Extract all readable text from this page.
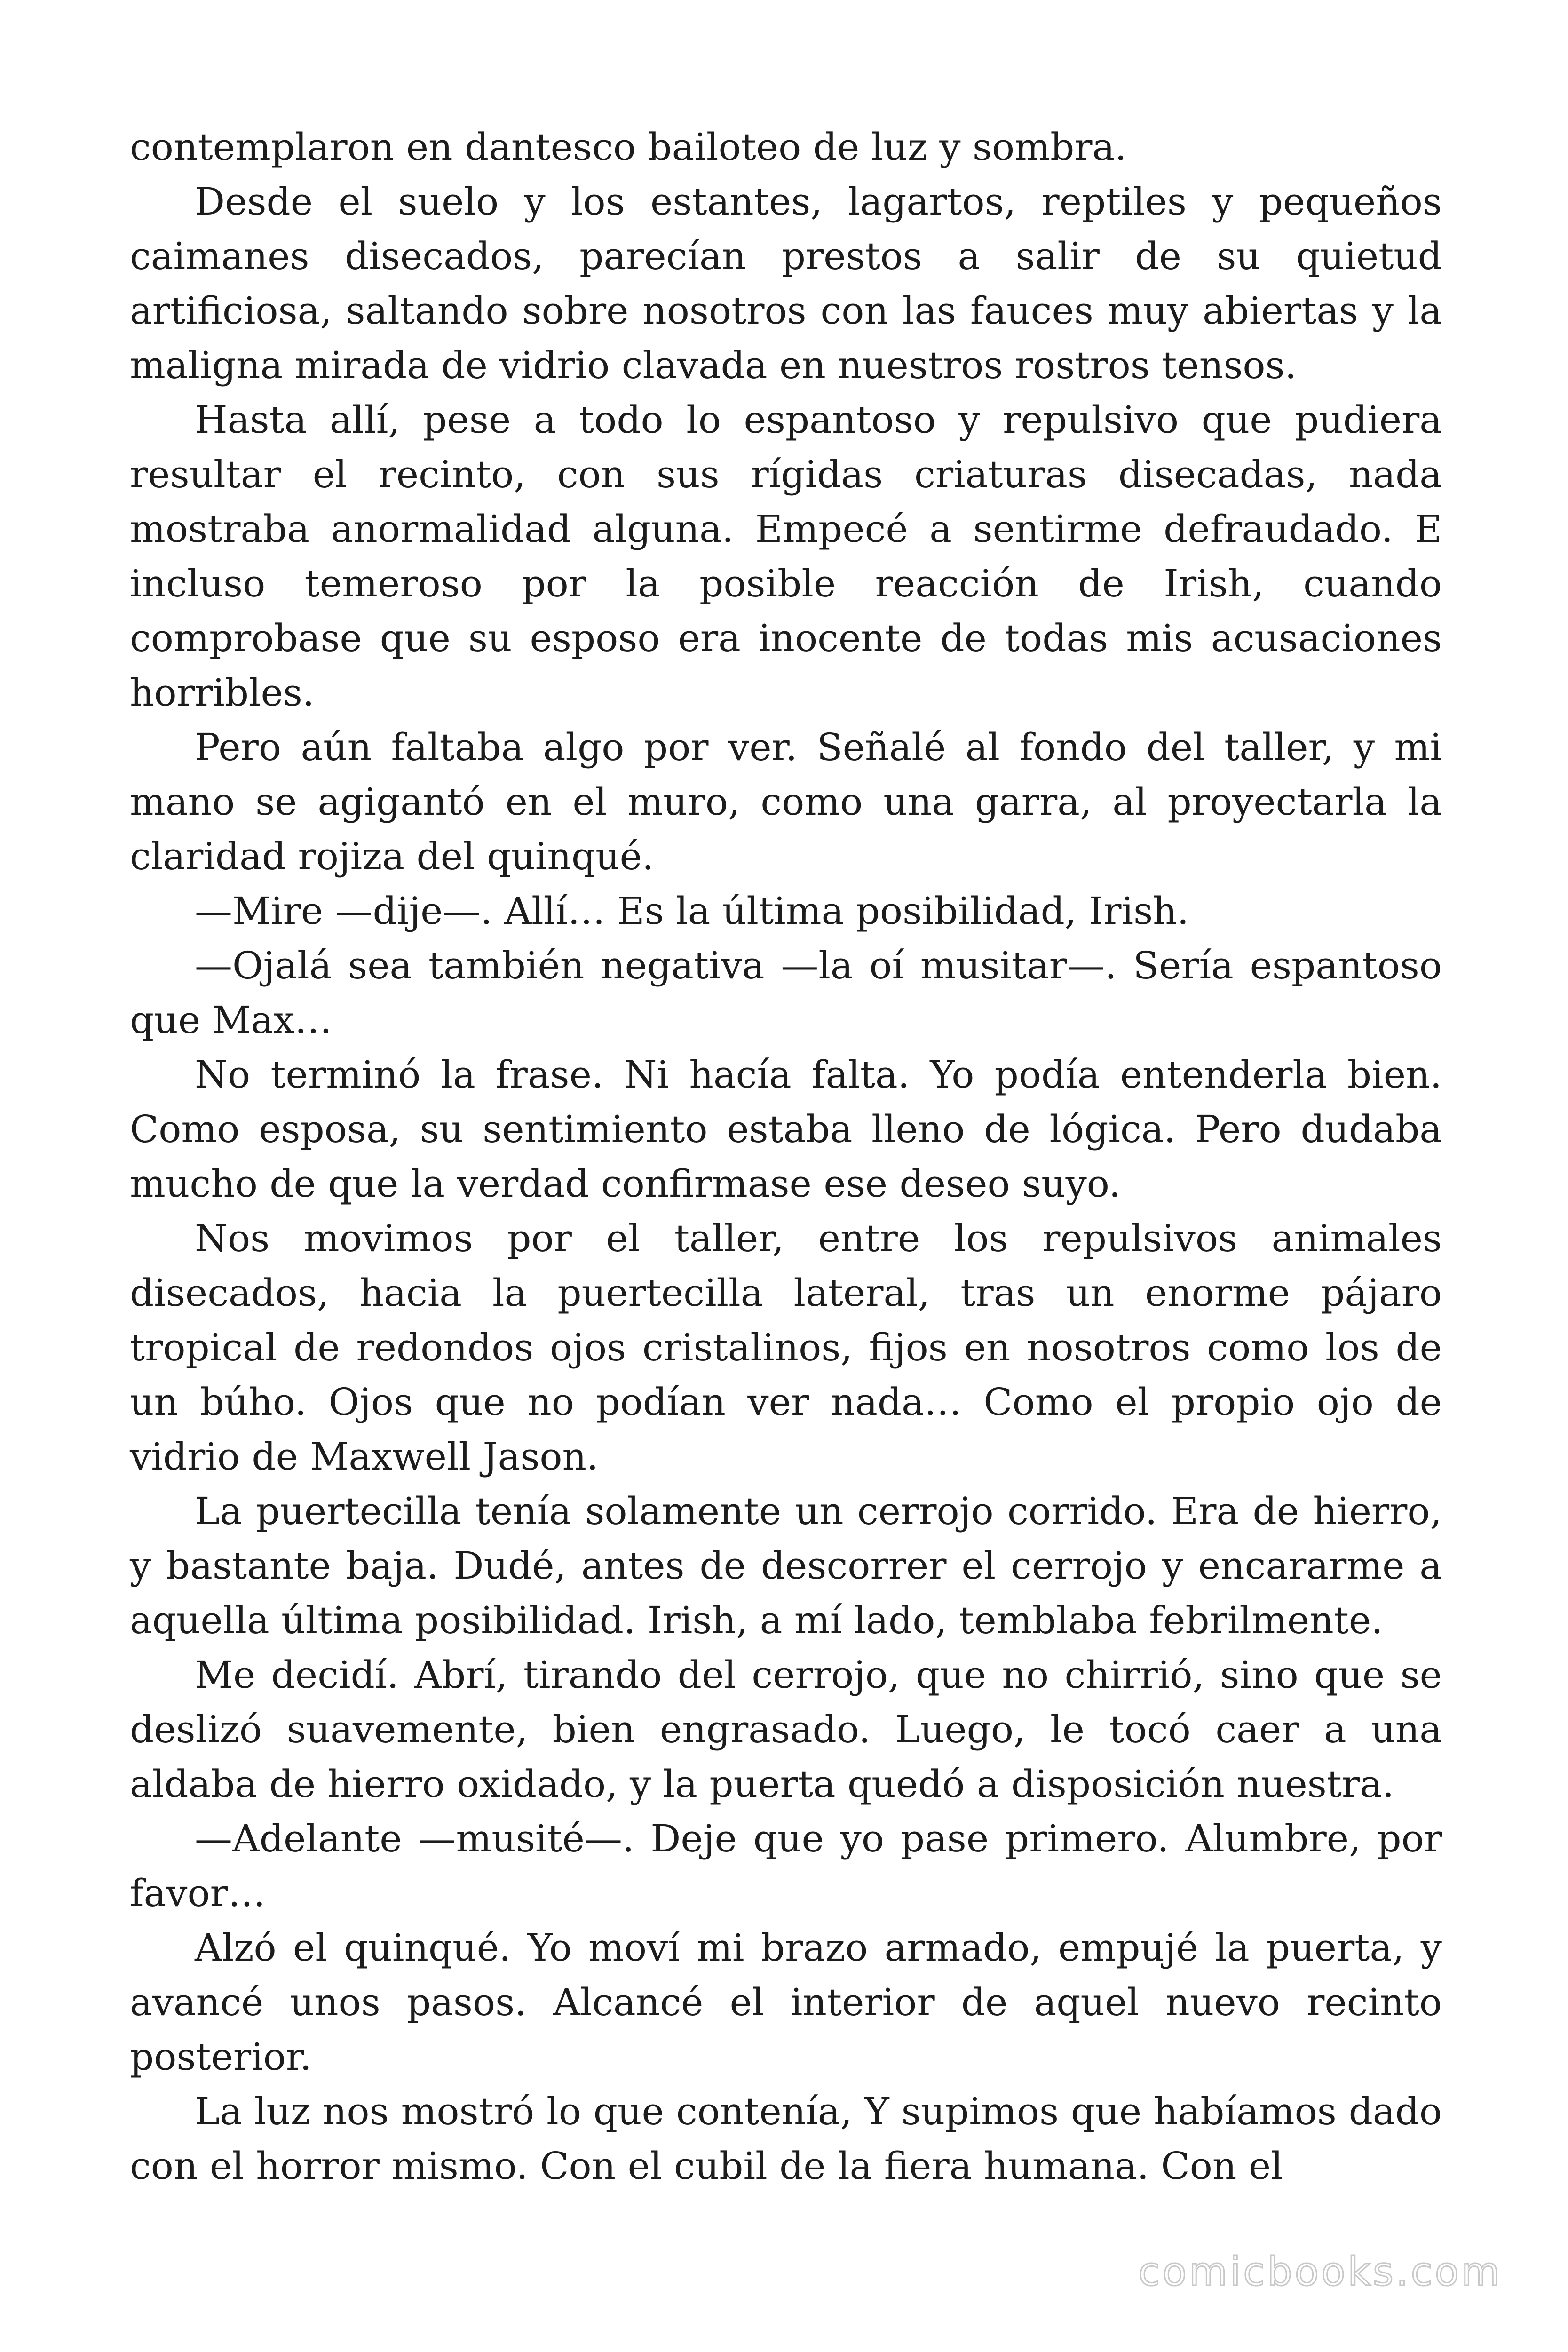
contemplaron en dantesco bailoteo de luz y sombra.

Desde el suelo y los estantes, lagartos, reptiles y pequeños caimanes disecados, parecían prestos a salir de su quietud artificiosa, saltando sobre nosotros con las fauces muy abiertas y la maligna mirada de vidrio clavada en nuestros rostros tensos.

Hasta allí, pese a todo lo espantoso y repulsivo que pudiera resultar el recinto, con sus rígidas criaturas disecadas, nada mostraba anormalidad alguna. Empecé a sentirme defraudado. E incluso temeroso por la posible reacción de Irish, cuando comprobase que su esposo era inocente de todas mis acusaciones horribles.

Pero aún faltaba algo por ver. Señalé al fondo del taller, y mi mano se agigantó en el muro, como una garra, al proyectarla la claridad rojiza del quinqué.

—Mire —dije—. Allí… Es la última posibilidad, Irish.

—Ojalá sea también negativa —la oí musitar—. Sería espantoso que Max…

No terminó la frase. Ni hacía falta. Yo podía entenderla bien. Como esposa, su sentimiento estaba lleno de lógica. Pero dudaba mucho de que la verdad confirmase ese deseo suyo.

Nos movimos por el taller, entre los repulsivos animales disecados, hacia la puertecilla lateral, tras un enorme pájaro tropical de redondos ojos cristalinos, fijos en nosotros como los de un búho. Ojos que no podían ver nada… Como el propio ojo de vidrio de Maxwell Jason.

La puertecilla tenía solamente un cerrojo corrido. Era de hierro, y bastante baja. Dudé, antes de descorrer el cerrojo y encararme a aquella última posibilidad. Irish, a mí lado, temblaba febrilmente.

Me decidí. Abrí, tirando del cerrojo, que no chirrió, sino que se deslizó suavemente, bien engrasado. Luego, le tocó caer a una aldaba de hierro oxidado, y la puerta quedó a disposición nuestra.

—Adelante —musité—. Deje que yo pase primero. Alumbre, por favor…

Alzó el quinqué. Yo moví mi brazo armado, empujé la puerta, y avancé unos pasos. Alcancé el interior de aquel nuevo recinto posterior.

La luz nos mostró lo que contenía, Y supimos que habíamos dado con el horror mismo. Con el cubil de la fiera humana. Con el

comicbooks.com
